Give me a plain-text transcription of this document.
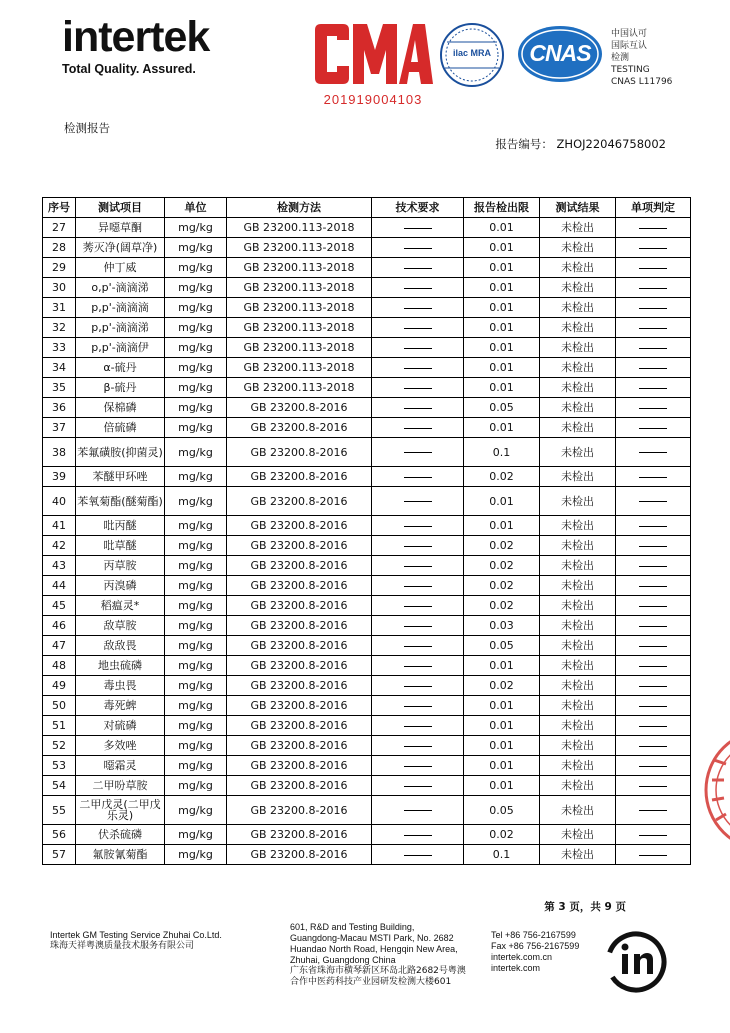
intertek
Total Quality. Assured.
201919004103
ilac MRA	CNAS
中国认可
国际互认
检测
TESTING
CNAS L11796
检测报告
报告编号： ZHOJ22046758002
序号	测试项目	单位	检测方法	技术要求	报告检出限	测试结果	单项判定
27	异噁草酮	mg/kg	GB 23200.113-2018		0.01	未检出	
28	莠灭净(阔草净)	mg/kg	GB 23200.113-2018		0.01	未检出	
29	仲丁威	mg/kg	GB 23200.113-2018		0.01	未检出	
30	o,p'-滴滴涕	mg/kg	GB 23200.113-2018		0.01	未检出	
31	p,p'-滴滴滴	mg/kg	GB 23200.113-2018		0.01	未检出	
32	p,p'-滴滴涕	mg/kg	GB 23200.113-2018		0.01	未检出	
33	p,p'-滴滴伊	mg/kg	GB 23200.113-2018		0.01	未检出	
34	α-硫丹	mg/kg	GB 23200.113-2018		0.01	未检出	
35	β-硫丹	mg/kg	GB 23200.113-2018		0.01	未检出	
36	保棉磷	mg/kg	GB 23200.8-2016		0.05	未检出	
37	倍硫磷	mg/kg	GB 23200.8-2016		0.01	未检出	
38	苯氟磺胺(抑菌灵)	mg/kg	GB 23200.8-2016		0.1	未检出	
39	苯醚甲环唑	mg/kg	GB 23200.8-2016		0.02	未检出	
40	苯氧菊酯(醚菊酯)	mg/kg	GB 23200.8-2016		0.01	未检出	
41	吡丙醚	mg/kg	GB 23200.8-2016		0.01	未检出	
42	吡草醚	mg/kg	GB 23200.8-2016		0.02	未检出	
43	丙草胺	mg/kg	GB 23200.8-2016		0.02	未检出	
44	丙溴磷	mg/kg	GB 23200.8-2016		0.02	未检出	
45	稻瘟灵*	mg/kg	GB 23200.8-2016		0.02	未检出	
46	敌草胺	mg/kg	GB 23200.8-2016		0.03	未检出	
47	敌敌畏	mg/kg	GB 23200.8-2016		0.05	未检出	
48	地虫硫磷	mg/kg	GB 23200.8-2016		0.01	未检出	
49	毒虫畏	mg/kg	GB 23200.8-2016		0.02	未检出	
50	毒死蜱	mg/kg	GB 23200.8-2016		0.01	未检出	
51	对硫磷	mg/kg	GB 23200.8-2016		0.01	未检出	
52	多效唑	mg/kg	GB 23200.8-2016		0.01	未检出	
53	噁霜灵	mg/kg	GB 23200.8-2016		0.01	未检出	
54	二甲吩草胺	mg/kg	GB 23200.8-2016		0.01	未检出	
55	二甲戊灵(二甲戊乐灵)	mg/kg	GB 23200.8-2016		0.05	未检出	
56	伏杀硫磷	mg/kg	GB 23200.8-2016		0.02	未检出	
57	氟胺氰菊酯	mg/kg	GB 23200.8-2016		0.1	未检出	
第 3 页，共 9 页
Intertek GM Testing Service Zhuhai Co.Ltd.
珠海天祥粤澳质量技术服务有限公司
601, R&D and Testing Building,
Guangdong-Macau MSTI Park, No. 2682
Huandao North Road, Hengqin New Area,
Zhuhai, Guangdong China
广东省珠海市横琴新区环岛北路2682号粤澳
合作中医药科技产业园研发检测大楼601
Tel +86 756-2167599
Fax +86 756-2167599
intertek.com.cn
intertek.com
